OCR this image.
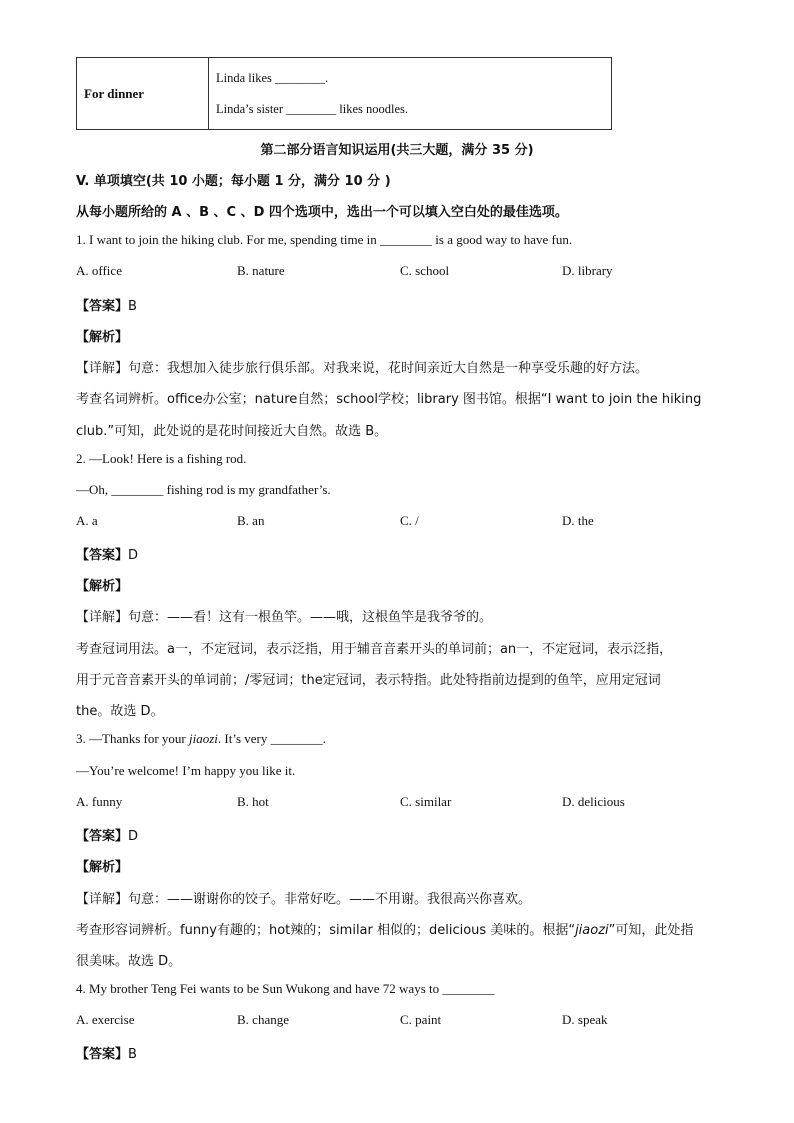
For dinner	
Linda likes ________.
Linda’s sister ________ likes noodles.
第二部分语言知识运用(共三大题，满分 35 分)
V. 单项填空(共 10 小题；每小题 1 分，满分 10 分 )
从每小题所给的 A 、B 、C 、D 四个选项中，选出一个可以填入空白处的最佳选项。
1. I want to join the hiking club. For me, spending time in ________ is a good way to have fun.
A. office	B. nature	C. school	D. library
【答案】B
【解析】
【详解】句意：我想加入徒步旅行俱乐部。对我来说，花时间亲近大自然是一种享受乐趣的好方法。
考查名词辨析。office办公室；nature自然；school学校；library 图书馆。根据“I want to join the hiking
club.”可知，此处说的是花时间接近大自然。故选 B。
2. —Look! Here is a fishing rod.
—Oh, ________ fishing rod is my grandfather’s.
A. a	B. an	C. /	D. the
【答案】D
【解析】
【详解】句意：——看！这有一根鱼竿。——哦，这根鱼竿是我爷爷的。
考查冠词用法。a一，不定冠词，表示泛指，用于辅音音素开头的单词前；an一，不定冠词，表示泛指，
用于元音音素开头的单词前；/零冠词；the定冠词，表示特指。此处特指前边提到的鱼竿，应用定冠词
the。故选 D。
3. —Thanks for your jiaozi. It’s very ________.
—You’re welcome! I’m happy you like it.
A. funny	B. hot	C. similar	D. delicious
【答案】D
【解析】
【详解】句意：——谢谢你的饺子。非常好吃。——不用谢。我很高兴你喜欢。
考查形容词辨析。funny有趣的；hot辣的；similar 相似的；delicious 美味的。根据“jiaozi”可知，此处指
很美味。故选 D。
4. My brother Teng Fei wants to be Sun Wukong and have 72 ways to ________
A. exercise	B. change	C. paint	D. speak
【答案】B
